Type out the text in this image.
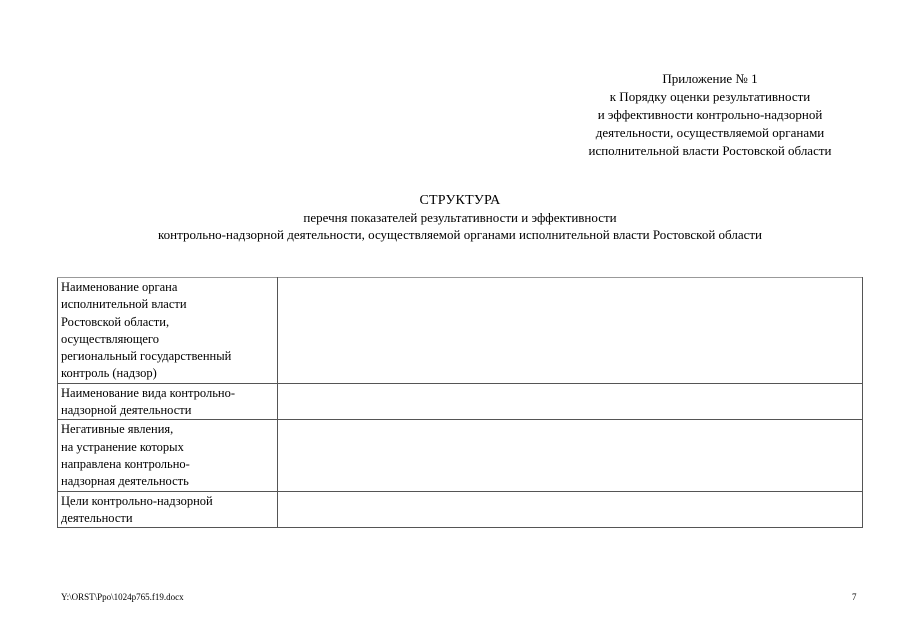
Приложение № 1
к Порядку оценки результативности
и эффективности контрольно-надзорной
деятельности, осуществляемой органами
исполнительной власти Ростовской области
СТРУКТУРА
перечня показателей результативности и эффективности
контрольно-надзорной деятельности, осуществляемой органами исполнительной власти Ростовской области
Наименование органа
исполнительной власти
Ростовской области,
осуществляющего
региональный государственный
контроль (надзор)

Наименование вида контрольно-
надзорной деятельности	

Негативные явления,
на устранение которых
направлена контрольно-
надзорная деятельность	

Цели контрольно-надзорной
деятельности	

Y:\ORST\Ppo\1024p765.f19.docx	7
